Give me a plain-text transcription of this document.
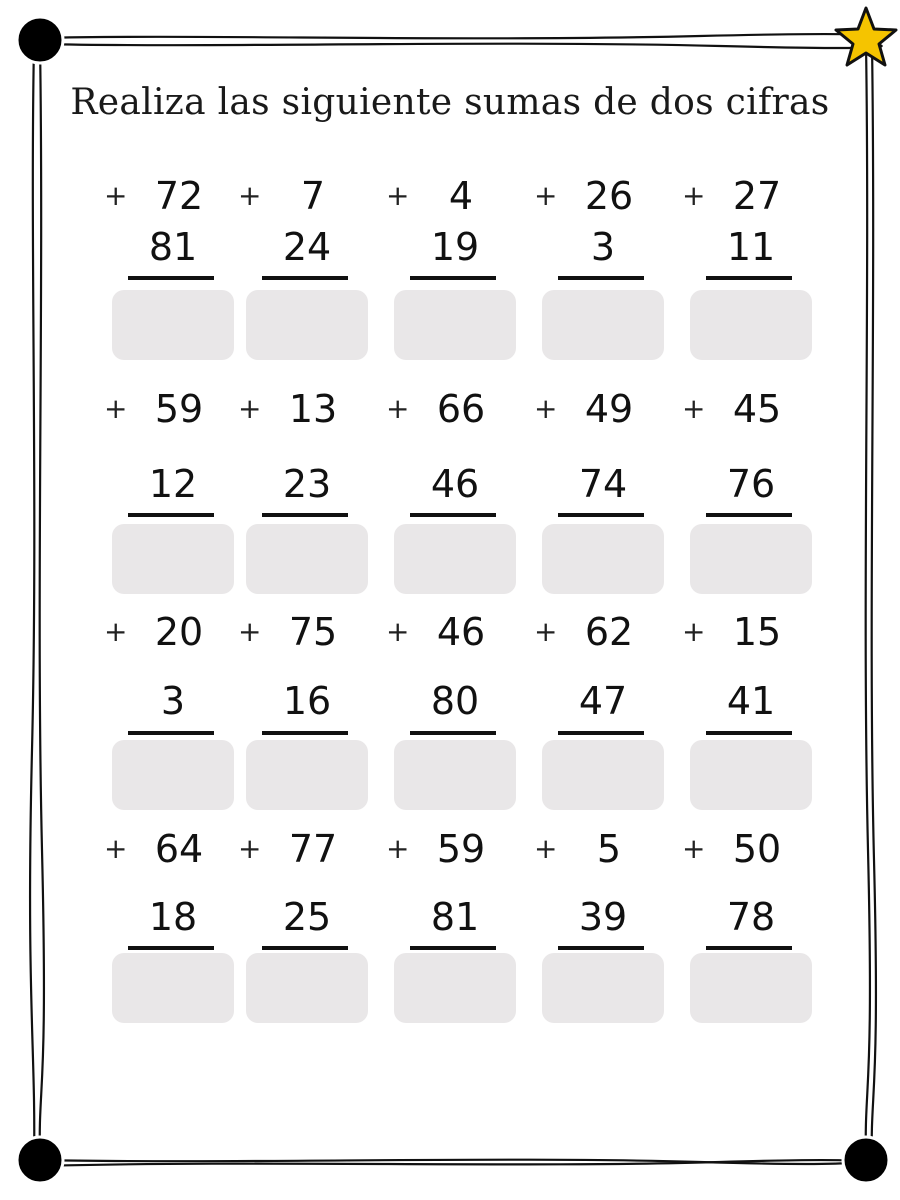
Realiza las siguiente sumas de dos cifras
+ 72
81
+	7
24
+	4
19
+ 26
3
+ 27
11
+ 59
12
+ 13
23
+ 66
46
+ 49
74
+ 45
76
+ 20
3
+ 75
16
+ 46
80
+ 62
47
+ 15
41
+ 64
18
+ 77
25
+ 59
81
+	5
39
+ 50
78
